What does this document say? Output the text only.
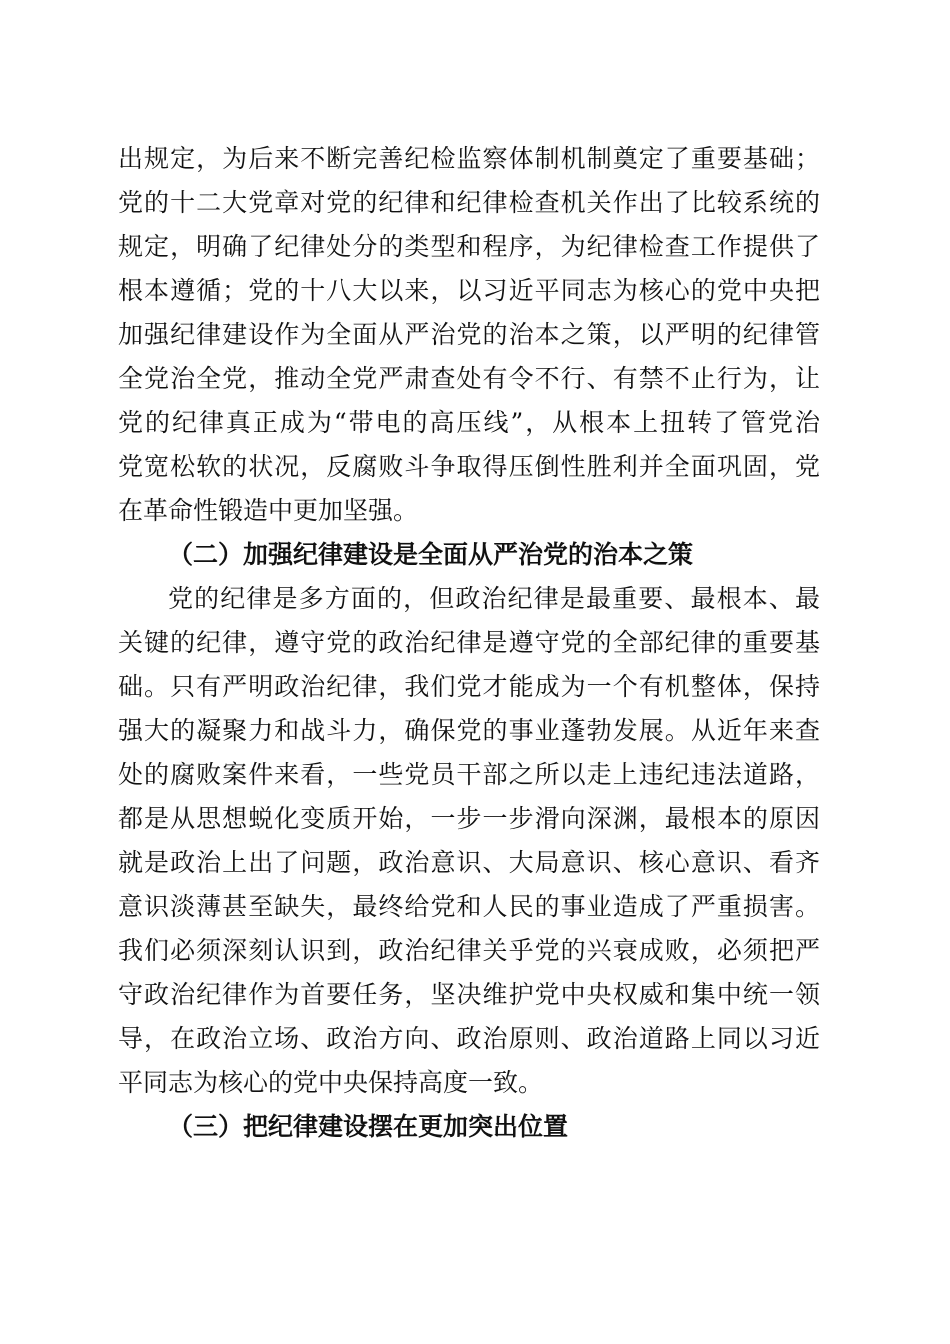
出规定，为后来不断完善纪检监察体制机制奠定了重要基础；
党的十二大党章对党的纪律和纪律检查机关作出了比较系统的
规定，明确了纪律处分的类型和程序，为纪律检查工作提供了
根本遵循；党的十八大以来，以习近平同志为核心的党中央把
加强纪律建设作为全面从严治党的治本之策，以严明的纪律管
全党治全党，推动全党严肃查处有令不行、有禁不止行为，让
党的纪律真正成为“带电的高压线”，从根本上扭转了管党治
党宽松软的状况，反腐败斗争取得压倒性胜利并全面巩固，党
在革命性锻造中更加坚强。
（二）加强纪律建设是全面从严治党的治本之策
党的纪律是多方面的，但政治纪律是最重要、最根本、最
关键的纪律，遵守党的政治纪律是遵守党的全部纪律的重要基
础。只有严明政治纪律，我们党才能成为一个有机整体，保持
强大的凝聚力和战斗力，确保党的事业蓬勃发展。从近年来查
处的腐败案件来看，一些党员干部之所以走上违纪违法道路，
都是从思想蜕化变质开始，一步一步滑向深渊，最根本的原因
就是政治上出了问题，政治意识、大局意识、核心意识、看齐
意识淡薄甚至缺失，最终给党和人民的事业造成了严重损害。
我们必须深刻认识到，政治纪律关乎党的兴衰成败，必须把严
守政治纪律作为首要任务，坚决维护党中央权威和集中统一领
导，在政治立场、政治方向、政治原则、政治道路上同以习近
平同志为核心的党中央保持高度一致。
（三）把纪律建设摆在更加突出位置
